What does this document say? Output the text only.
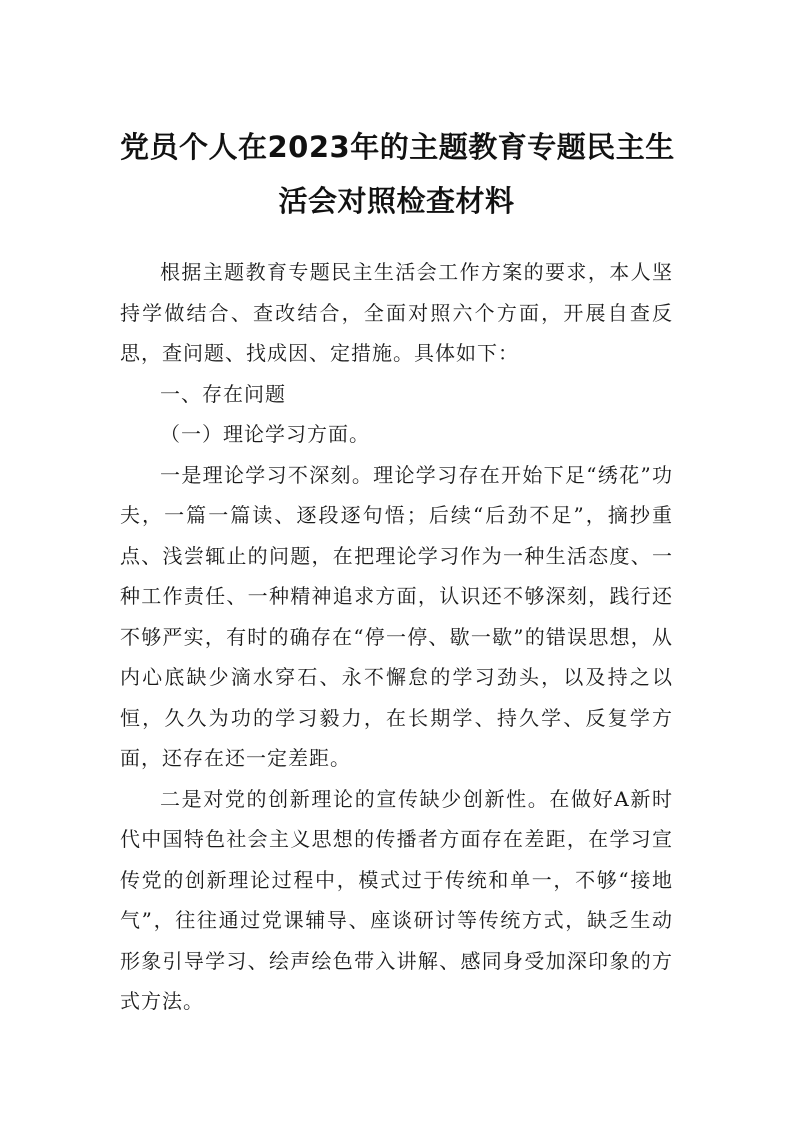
党员个人在2023年的主题教育专题民主生
活会对照检查材料

根据主题教育专题民主生活会工作方案的要求，本人坚持学做结合、查改结合，全面对照六个方面，开展自查反思，查问题、找成因、定措施。具体如下：

一、存在问题

（一）理论学习方面。

一是理论学习不深刻。理论学习存在开始下足“绣花”功夫，一篇一篇读、逐段逐句悟；后续“后劲不足”，摘抄重点、浅尝辄止的问题，在把理论学习作为一种生活态度、一种工作责任、一种精神追求方面，认识还不够深刻，践行还不够严实，有时的确存在“停一停、歇一歇”的错误思想，从内心底缺少滴水穿石、永不懈怠的学习劲头，以及持之以恒，久久为功的学习毅力，在长期学、持久学、反复学方面，还存在还一定差距。

二是对党的创新理论的宣传缺少创新性。在做好A新时代中国特色社会主义思想的传播者方面存在差距，在学习宣传党的创新理论过程中，模式过于传统和单一，不够“接地气”，往往通过党课辅导、座谈研讨等传统方式，缺乏生动形象引导学习、绘声绘色带入讲解、感同身受加深印象的方式方法。
